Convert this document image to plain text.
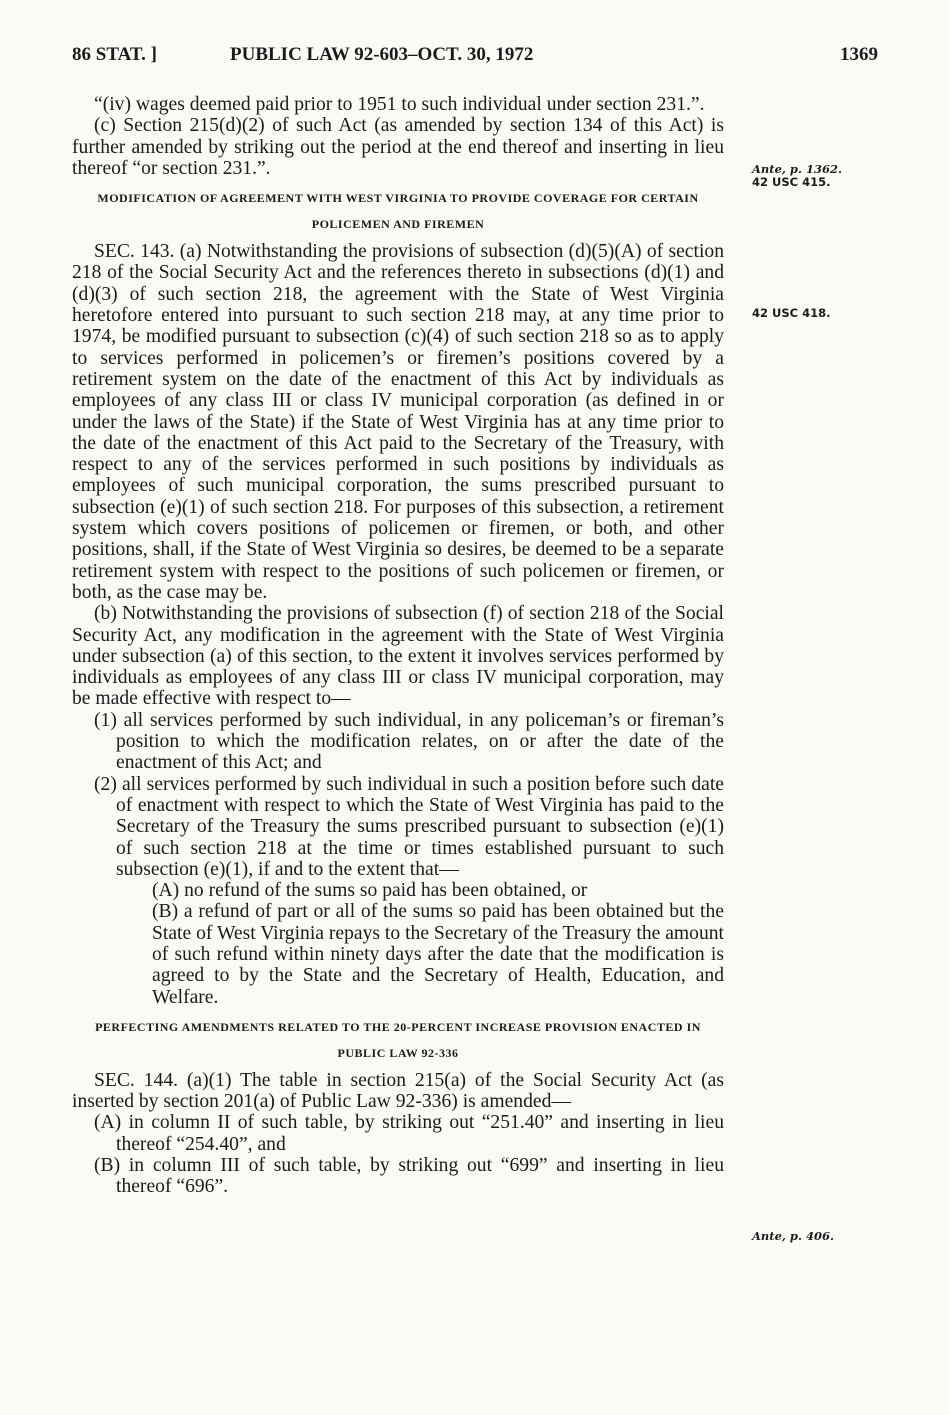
86 STAT. ]	PUBLIC LAW 92-603–OCT. 30, 1972	1369

“(iv) wages deemed paid prior to 1951 to such individual under section 231.”.

(c) Section 215(d)(2) of such Act (as amended by section 134 of this Act) is further amended by striking out the period at the end thereof and inserting in lieu thereof “or section 231.”.

MODIFICATION OF AGREEMENT WITH WEST VIRGINIA TO PROVIDE COVERAGE FOR CERTAIN POLICEMEN AND FIREMEN

SEC. 143. (a) Notwithstanding the provisions of subsection (d)(5)(A) of section 218 of the Social Security Act and the references thereto in subsections (d)(1) and (d)(3) of such section 218, the agreement with the State of West Virginia heretofore entered into pursuant to such section 218 may, at any time prior to 1974, be modified pursuant to subsection (c)(4) of such section 218 so as to apply to services performed in policemen’s or firemen’s positions covered by a retirement system on the date of the enactment of this Act by individuals as employees of any class III or class IV municipal corporation (as defined in or under the laws of the State) if the State of West Virginia has at any time prior to the date of the enactment of this Act paid to the Secretary of the Treasury, with respect to any of the services performed in such positions by individuals as employees of such municipal corporation, the sums prescribed pursuant to subsection (e)(1) of such section 218. For purposes of this subsection, a retirement system which covers positions of policemen or firemen, or both, and other positions, shall, if the State of West Virginia so desires, be deemed to be a separate retirement system with respect to the positions of such policemen or firemen, or both, as the case may be.

(b) Notwithstanding the provisions of subsection (f) of section 218 of the Social Security Act, any modification in the agreement with the State of West Virginia under subsection (a) of this section, to the extent it involves services performed by individuals as employees of any class III or class IV municipal corporation, may be made effective with respect to—

(1) all services performed by such individual, in any policeman’s or fireman’s position to which the modification relates, on or after the date of the enactment of this Act; and

(2) all services performed by such individual in such a position before such date of enactment with respect to which the State of West Virginia has paid to the Secretary of the Treasury the sums prescribed pursuant to subsection (e)(1) of such section 218 at the time or times established pursuant to such subsection (e)(1), if and to the extent that—

(A) no refund of the sums so paid has been obtained, or

(B) a refund of part or all of the sums so paid has been obtained but the State of West Virginia repays to the Secretary of the Treasury the amount of such refund within ninety days after the date that the modification is agreed to by the State and the Secretary of Health, Education, and Welfare.

PERFECTING AMENDMENTS RELATED TO THE 20-PERCENT INCREASE PROVISION ENACTED IN PUBLIC LAW 92-336

SEC. 144. (a)(1) The table in section 215(a) of the Social Security Act (as inserted by section 201(a) of Public Law 92-336) is amended—

(A) in column II of such table, by striking out “251.40” and inserting in lieu thereof “254.40”, and

(B) in column III of such table, by striking out “699” and inserting in lieu thereof “696”.

Ante, p. 1362.
42 USC 415.
42 USC 418.
Ante, p. 406.
